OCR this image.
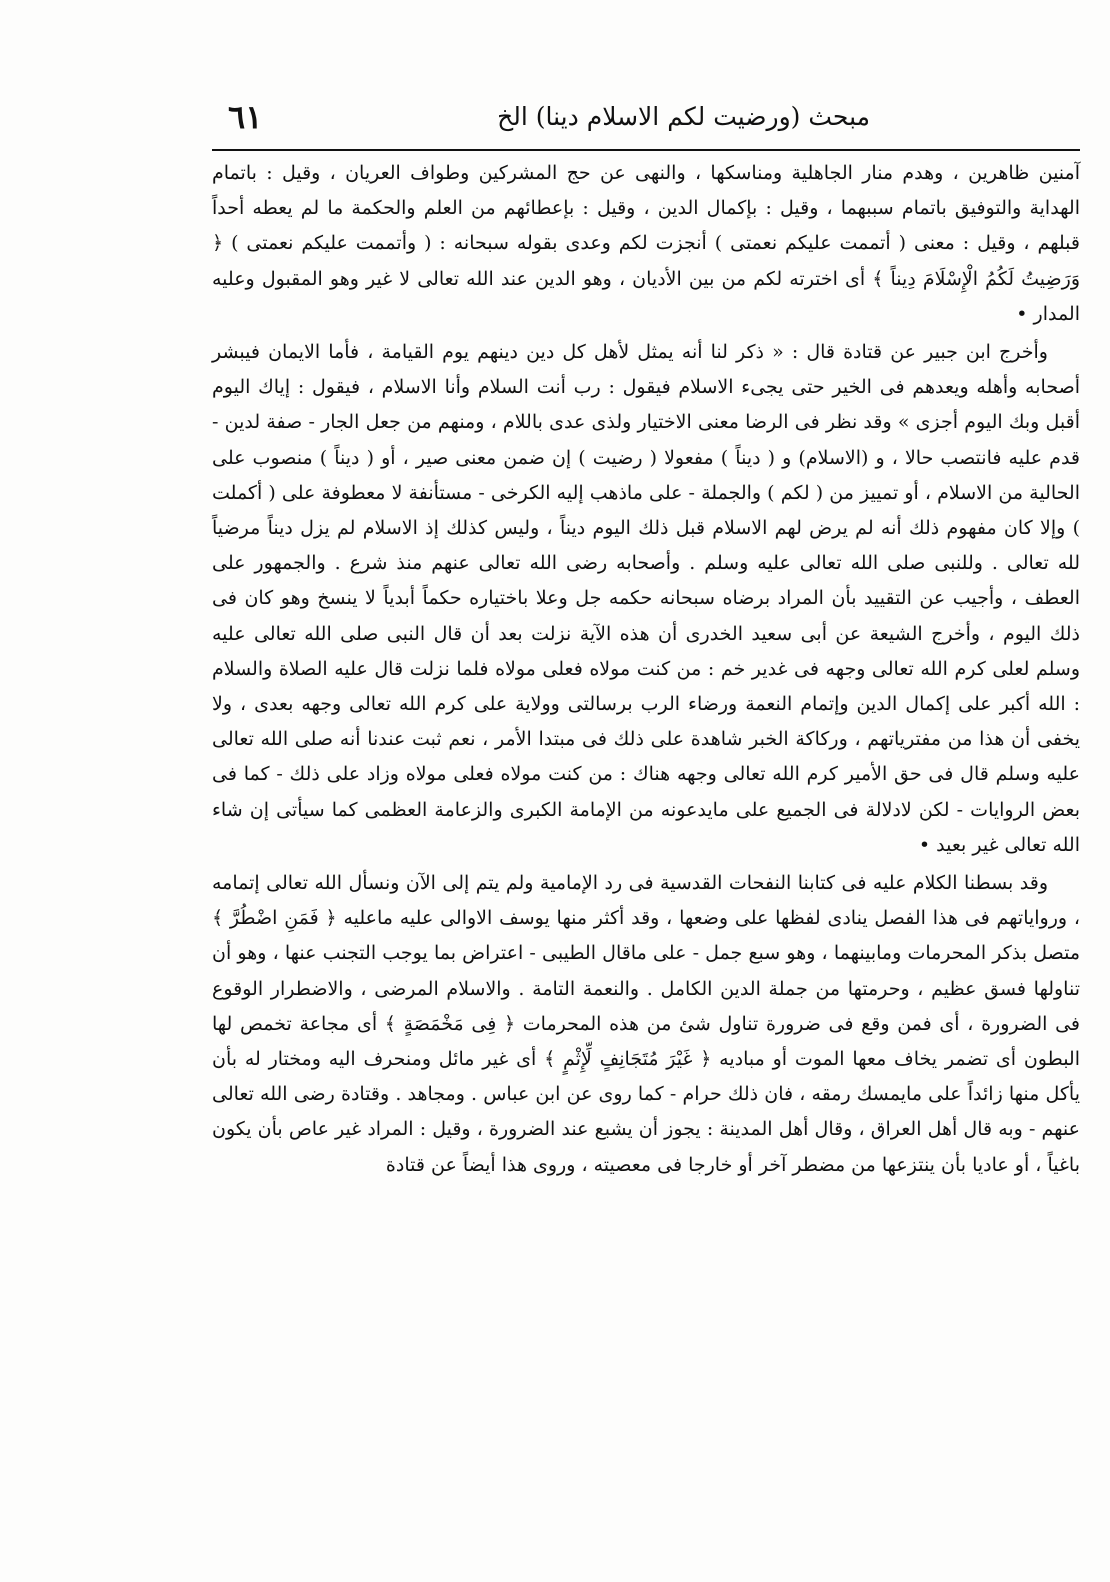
مبحث (ورضيت لكم الاسلام دينا) الخ
٦١

آمنين ظاهرين ، وهدم منار الجاهلية ومناسكها ، والنهى عن حج المشركين وطواف العريان ، وقيل : باتمام الهداية والتوفيق باتمام سببهما ، وقيل : بإكمال الدين ، وقيل : بإعطائهم من العلم والحكمة ما لم يعطه أحداً قبلهم ، وقيل : معنى ( أتممت عليكم نعمتى ) أنجزت لكم وعدى بقوله سبحانه : ( وأتممت عليكم نعمتى ) ﴿ وَرَضِيتُ لَكُمُ الْإِسْلَامَ دِيناً ﴾ أى اخترته لكم من بين الأديان ، وهو الدين عند الله تعالى لا غير وهو المقبول وعليه المدار •

وأخرج ابن جبير عن قتادة قال : « ذكر لنا أنه يمثل لأهل كل دين دينهم يوم القيامة ، فأما الايمان فيبشر أصحابه وأهله ويعدهم فى الخير حتى يجىء الاسلام فيقول : رب أنت السلام وأنا الاسلام ، فيقول : إياك اليوم أقبل وبك اليوم أجزى » وقد نظر فى الرضا معنى الاختيار ولذى عدى باللام ، ومنهم من جعل الجار - صفة لدين - قدم عليه فانتصب حالا ، و (الاسلام) و ( ديناً ) مفعولا ( رضيت ) إن ضمن معنى صير ، أو ( ديناً ) منصوب على الحالية من الاسلام ، أو تمييز من ( لكم ) والجملة - على ماذهب إليه الكرخى - مستأنفة لا معطوفة على ( أكملت ) وإلا كان مفهوم ذلك أنه لم يرض لهم الاسلام قبل ذلك اليوم ديناً ، وليس كذلك إذ الاسلام لم يزل ديناً مرضياً لله تعالى . وللنبى صلى الله تعالى عليه وسلم . وأصحابه رضى الله تعالى عنهم منذ شرع . والجمهور على العطف ، وأجيب عن التقييد بأن المراد برضاه سبحانه حكمه جل وعلا باختياره حكماً أبدياً لا ينسخ وهو كان فى ذلك اليوم ، وأخرج الشيعة عن أبى سعيد الخدرى أن هذه الآية نزلت بعد أن قال النبى صلى الله تعالى عليه وسلم لعلى كرم الله تعالى وجهه فى غدير خم : من كنت مولاه فعلى مولاه فلما نزلت قال عليه الصلاة والسلام : الله أكبر على إكمال الدين وإتمام النعمة ورضاء الرب برسالتى وولاية على كرم الله تعالى وجهه بعدى ، ولا يخفى أن هذا من مفترياتهم ، وركاكة الخبر شاهدة على ذلك فى مبتدا الأمر ، نعم ثبت عندنا أنه صلى الله تعالى عليه وسلم قال فى حق الأمير كرم الله تعالى وجهه هناك : من كنت مولاه فعلى مولاه وزاد على ذلك - كما فى بعض الروايات - لكن لادلالة فى الجميع على مايدعونه من الإمامة الكبرى والزعامة العظمى كما سيأتى إن شاء الله تعالى غير بعيد •

وقد بسطنا الكلام عليه فى كتابنا النفحات القدسية فى رد الإمامية ولم يتم إلى الآن ونسأل الله تعالى إتمامه ، ورواياتهم فى هذا الفصل ينادى لفظها على وضعها ، وقد أكثر منها يوسف الاوالى عليه ماعليه ﴿ فَمَنِ اضْطُرَّ ﴾ متصل بذكر المحرمات ومابينهما ، وهو سبع جمل - على ماقال الطيبى - اعتراض بما يوجب التجنب عنها ، وهو أن تناولها فسق عظيم ، وحرمتها من جملة الدين الكامل . والنعمة التامة . والاسلام المرضى ، والاضطرار الوقوع فى الضرورة ، أى فمن وقع فى ضرورة تناول شئ من هذه المحرمات ﴿ فِى مَخْمَصَةٍ ﴾ أى مجاعة تخمص لها البطون أى تضمر يخاف معها الموت أو مباديه ﴿ غَيْرَ مُتَجَانِفٍ لِّإِثْمٍ ﴾ أى غير مائل ومنحرف اليه ومختار له بأن يأكل منها زائداً على مايمسك رمقه ، فان ذلك حرام - كما روى عن ابن عباس . ومجاهد . وقتادة رضى الله تعالى عنهم - وبه قال أهل العراق ، وقال أهل المدينة : يجوز أن يشبع عند الضرورة ، وقيل : المراد غير عاص بأن يكون باغياً ، أو عاديا بأن ينتزعها من مضطر آخر أو خارجا فى معصيته ، وروى هذا أيضاً عن قتادة
